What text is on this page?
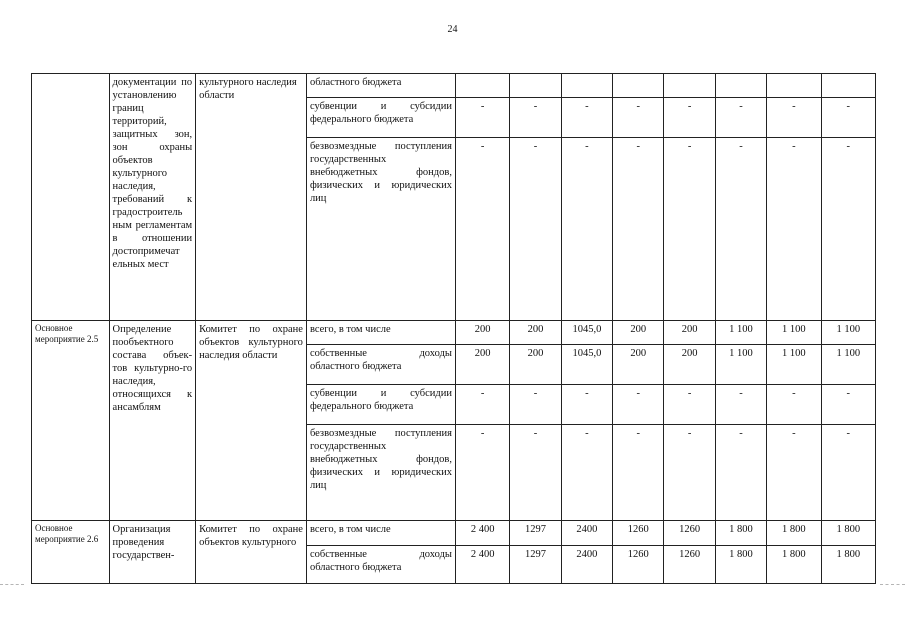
24
	документации по установлению границ территорий, защитных зон, зон охраны объектов культурного наследия, требований к градостроитель ным регламентам в отношении достопримечат ельных мест	культурного наследия области	областного бюджета								
			субвенции и субсидии федерального бюджета	-	-	-	-	-	-	-	-
			безвозмездные поступления государственных внебюджетных фондов, физических и юридических лиц	-	-	-	-	-	-	-	-
Основное мероприятие 2.5	Определение пообъектного состава объек-тов культурно-го наследия, относящихся к ансамблям	Комитет по охране объектов культурного наследия области	всего, в том числе	200	200	1045,0	200	200	1 100	1 100	1 100
			собственные доходы областного бюджета	200	200	1045,0	200	200	1 100	1 100	1 100
			субвенции и субсидии федерального бюджета	-	-	-	-	-	-	-	-
			безвозмездные поступления государственных внебюджетных фондов, физических и юридических лиц	-	-	-	-	-	-	-	-
Основное мероприятие 2.6	Организация проведения государствен-	Комитет по охране объектов культурного	всего, в том числе	2 400	1297	2400	1260	1260	1 800	1 800	1 800
			собственные доходы областного бюджета	2 400	1297	2400	1260	1260	1 800	1 800	1 800
